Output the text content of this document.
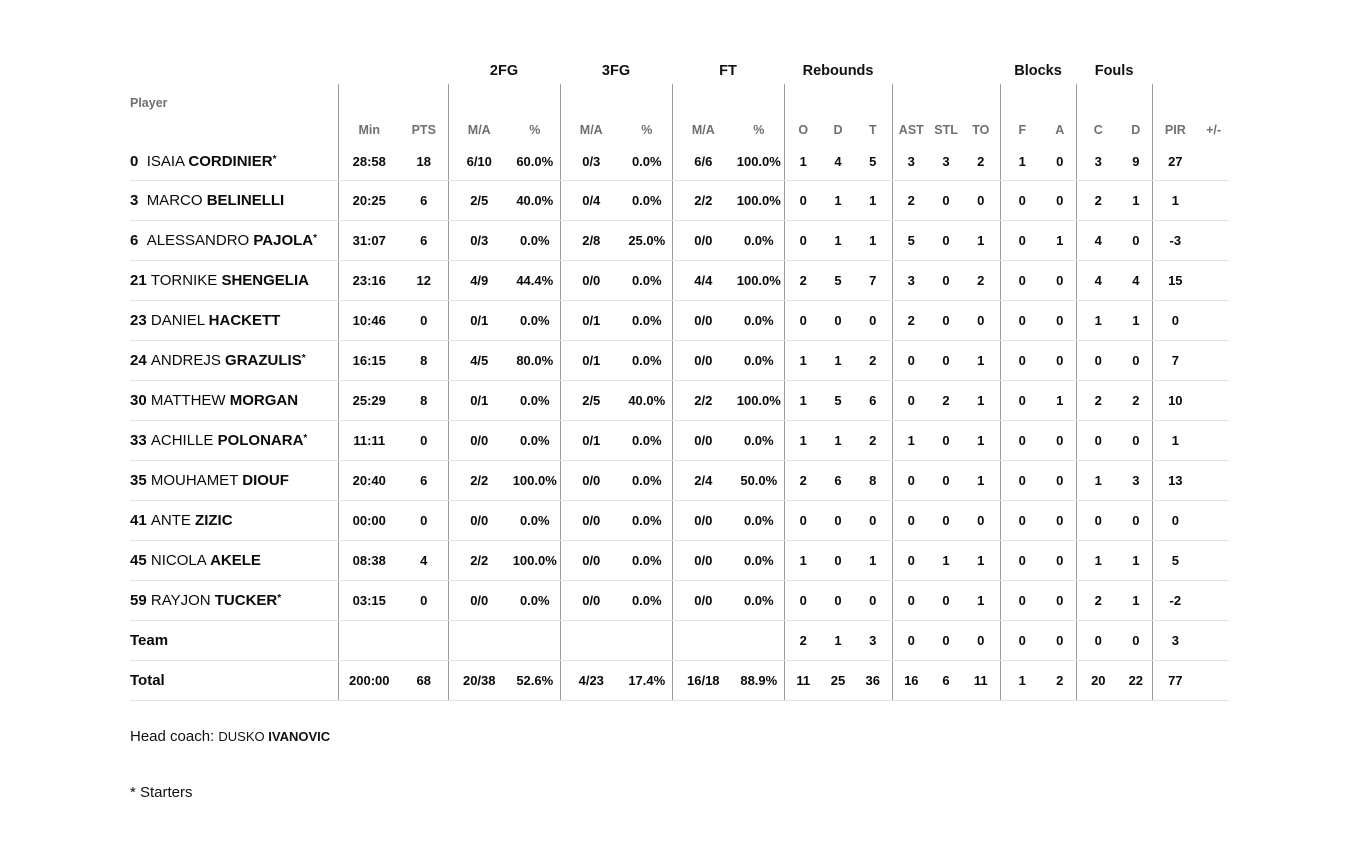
			2FG		3FG		FT		Rebounds						Blocks		Fouls			
Player	Min	PTS	M/A	%	M/A	%	M/A	%	O	D	T	AST	STL	TO	F	A	C	D	PIR	+/-
0 ISAIA CORDINIER*	28:58	18	6/10	60.0%	0/3	0.0%	6/6	100.0%	1	4	5	3	3	2	1	0	3	9	27	
3 MARCO BELINELLI	20:25	6	2/5	40.0%	0/4	0.0%	2/2	100.0%	0	1	1	2	0	0	0	0	2	1	1	
6 ALESSANDRO PAJOLA*	31:07	6	0/3	0.0%	2/8	25.0%	0/0	0.0%	0	1	1	5	0	1	0	1	4	0	-3	
21 TORNIKE SHENGELIA	23:16	12	4/9	44.4%	0/0	0.0%	4/4	100.0%	2	5	7	3	0	2	0	0	4	4	15	
23 DANIEL HACKETT	10:46	0	0/1	0.0%	0/1	0.0%	0/0	0.0%	0	0	0	2	0	0	0	0	1	1	0	
24 ANDREJS GRAZULIS*	16:15	8	4/5	80.0%	0/1	0.0%	0/0	0.0%	1	1	2	0	0	1	0	0	0	0	7	
30 MATTHEW MORGAN	25:29	8	0/1	0.0%	2/5	40.0%	2/2	100.0%	1	5	6	0	2	1	0	1	2	2	10	
33 ACHILLE POLONARA*	11:11	0	0/0	0.0%	0/1	0.0%	0/0	0.0%	1	1	2	1	0	1	0	0	0	0	1	
35 MOUHAMET DIOUF	20:40	6	2/2	100.0%	0/0	0.0%	2/4	50.0%	2	6	8	0	0	1	0	0	1	3	13	
41 ANTE ZIZIC	00:00	0	0/0	0.0%	0/0	0.0%	0/0	0.0%	0	0	0	0	0	0	0	0	0	0	0	
45 NICOLA AKELE	08:38	4	2/2	100.0%	0/0	0.0%	0/0	0.0%	1	0	1	0	1	1	0	0	1	1	5	
59 RAYJON TUCKER*	03:15	0	0/0	0.0%	0/0	0.0%	0/0	0.0%	0	0	0	0	0	1	0	0	2	1	-2	
Team									2	1	3	0	0	0	0	0	0	0	3	
Total	200:00	68	20/38	52.6%	4/23	17.4%	16/18	88.9%	11	25	36	16	6	11	1	2	20	22	77	
Head coach: DUSKO IVANOVIC
* Starters
